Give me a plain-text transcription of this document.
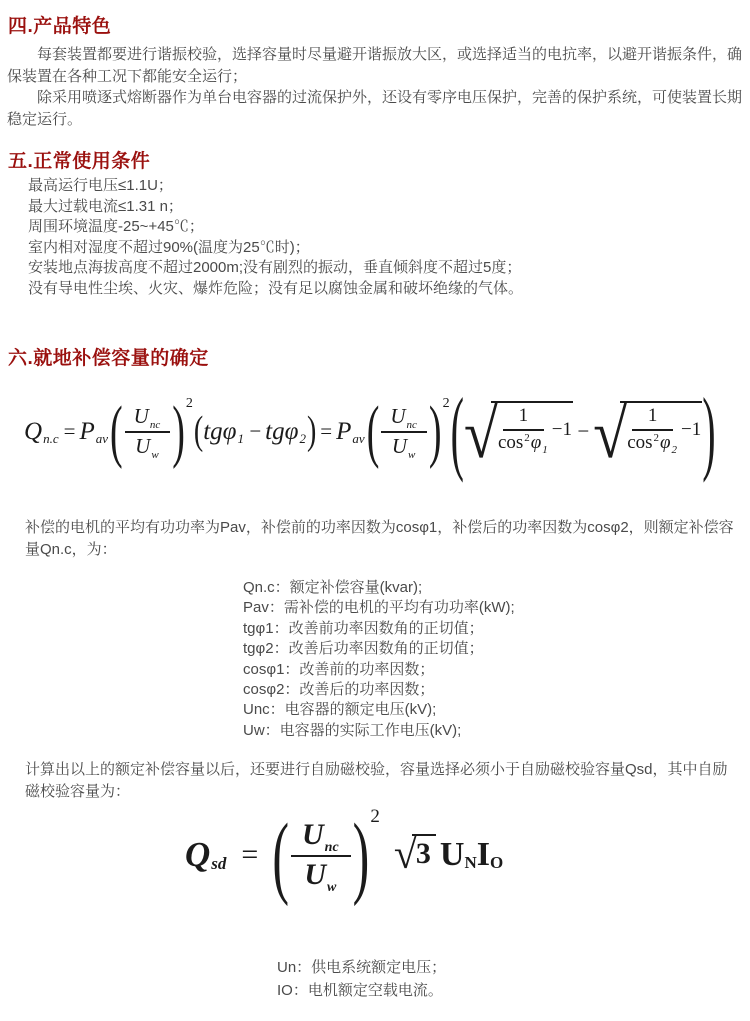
四.产品特色

每套装置都要进行谐振校验，选择容量时尽量避开谐振放大区，或选择适当的电抗率，以避开谐振条件，确保装置在各种工况下都能安全运行；

除采用喷逐式熔断器作为单台电容器的过流保护外，还设有零序电压保护，完善的保护系统，可使装置长期稳定运行。

五.正常使用条件
最高运行电压≤1.1U；
最大过载电流≤1.31 n；
周围环境温度-25~+45℃；
室内相对湿度不超过90%(温度为25℃时)；
安装地点海拔高度不超过2000m;没有剧烈的振动，垂直倾斜度不超过5度；
没有导电性尘埃、火灾、爆炸危险；没有足以腐蚀金属和破坏绝缘的气体。
六.就地补偿容量的确定
Q n.c = P av ( $\frac{U_{nc}}{U_w}$ ) 2
( tg φ 1 − tg φ 2 ) = P av ( $\frac{U_{nc}}{U_w}$ ) 2 ( √ $\frac{1}{\cos^2\varphi_1} -1$ − √ $\frac{1}{\cos^2\varphi_2} -1$ )
补偿的电机的平均有功功率为Pav，补偿前的功率因数为cosφ1，补偿后的功率因数为cosφ2，则额定补偿容量Qn.c，为：
Qn.c：额定补偿容量(kvar);
Pav：需补偿的电机的平均有功功率(kW);
tgφ1：改善前功率因数角的正切值；
tgφ2：改善后功率因数角的正切值；
cosφ1：改善前的功率因数；
cosφ2：改善后的功率因数；
Unc：电容器的额定电压(kV);
Uw：电容器的实际工作电压(kV);
计算出以上的额定补偿容量以后，还要进行自励磁校验，容量选择必须小于自励磁校验容量Qsd，其中自励磁校验容量为：
Q sd = ( $\frac{\text{Unc}}{Uw}$ ) 2
√ 3 U N I O
Un：供电系统额定电压；
IO：电机额定空载电流。
